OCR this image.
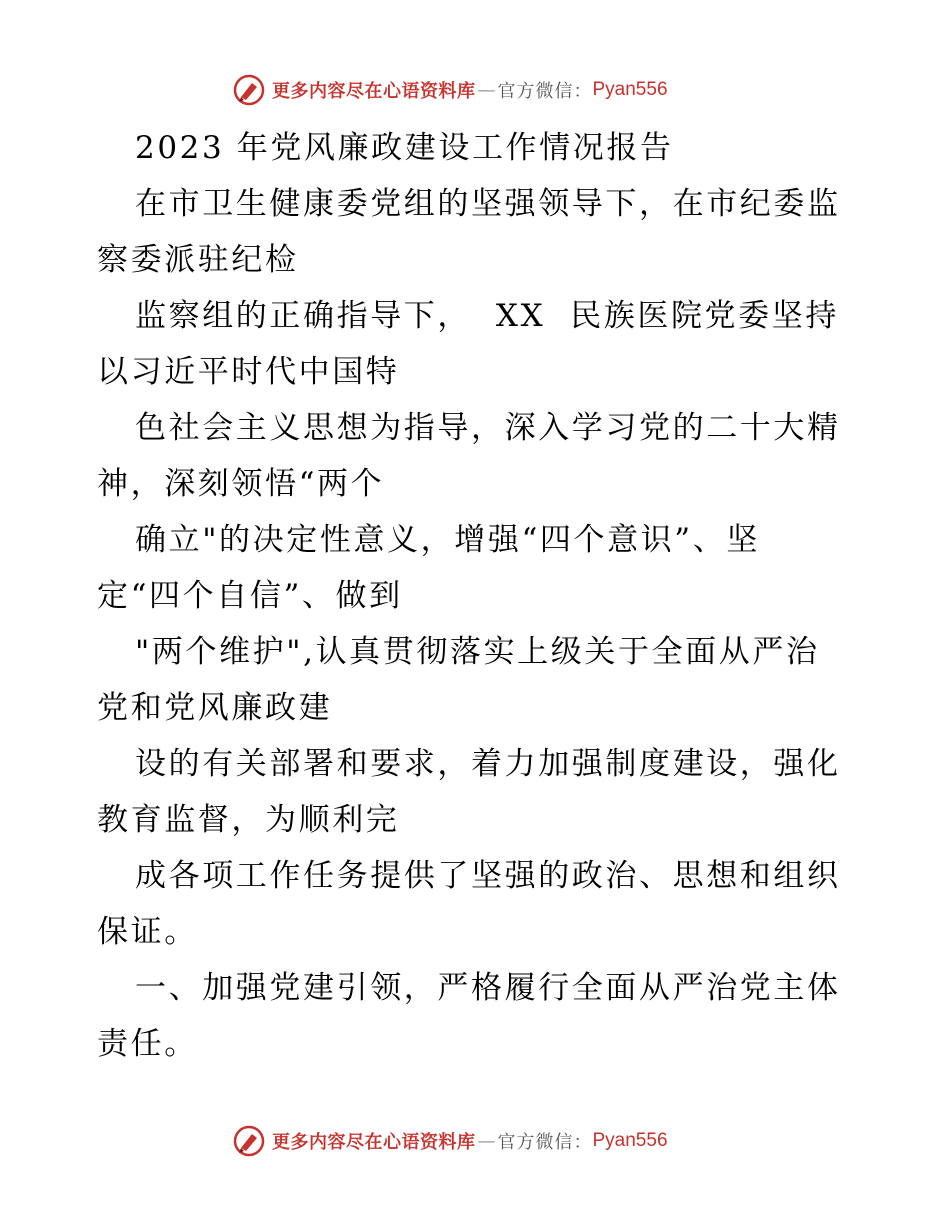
更多内容尽在心语资料库 — 官方微信： Pyan556

2023 年党风廉政建设工作情况报告

在市卫生健康委党组的坚强领导下，在市纪委监
察委派驻纪检

监察组的正确指导下，  XX  民族医院党委坚持
以习近平时代中国特

色社会主义思想为指导，深入学习党的二十大精
神，深刻领悟“两个

确立"的决定性意义，增强“四个意识”、坚
定“四个自信”、做到

"两个维护",认真贯彻落实上级关于全面从严治
党和党风廉政建

设的有关部署和要求，着力加强制度建设，强化
教育监督，为顺利完

成各项工作任务提供了坚强的政治、思想和组织
保证。

一、加强党建引领，严格履行全面从严治党主体
责任。

更多内容尽在心语资料库 — 官方微信： Pyan556
